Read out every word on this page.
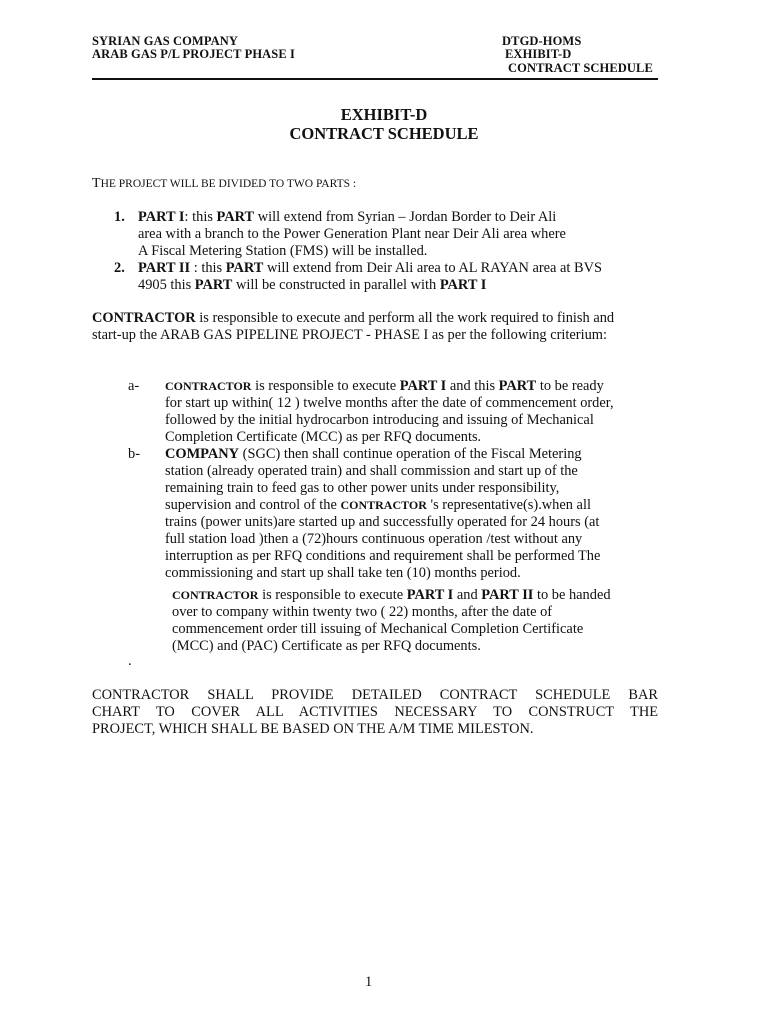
SYRIAN GAS COMPANY
ARAB GAS P/L PROJECT PHASE I
DTGD-HOMS
EXHIBIT-D
CONTRACT SCHEDULE
EXHIBIT-D
CONTRACT SCHEDULE
THE PROJECT WILL BE DIVIDED TO TWO PARTS :
1. PART I: this PART will extend from Syrian – Jordan Border to Deir Ali
area with a branch to the Power Generation Plant near Deir Ali area where
A Fiscal Metering Station (FMS) will be installed.
2. PART II : this PART will extend from Deir Ali area to AL RAYAN area at BVS
4905 this PART will be constructed in parallel with PART I
CONTRACTOR is responsible to execute and perform all the work required to finish and
start-up the ARAB GAS PIPELINE PROJECT - PHASE I as per the following criterium:
a- CONTRACTOR is responsible to execute PART I and this PART to be ready
for start up within( 12 ) twelve months after the date of commencement order,
followed by the initial hydrocarbon introducing and issuing of Mechanical
Completion Certificate (MCC) as per RFQ documents.
b- COMPANY (SGC) then shall continue operation of the Fiscal Metering
station (already operated train) and shall commission and start up of the
remaining train to feed gas to other power units under responsibility,
supervision and control of the CONTRACTOR 's representative(s).when all
trains (power units)are started up and successfully operated for 24 hours (at
full station load )then a (72)hours continuous operation /test without any
interruption as per RFQ conditions and requirement shall be performed The
commissioning and start up shall take ten (10) months period.
CONTRACTOR is responsible to execute PART I and PART II to be handed
over to company within twenty two ( 22) months, after the date of
commencement order till issuing of Mechanical Completion Certificate
(MCC) and (PAC) Certificate as per RFQ documents.
.
CONTRACTOR SHALL PROVIDE DETAILED CONTRACT SCHEDULE BAR
CHART TO COVER ALL ACTIVITIES NECESSARY TO CONSTRUCT THE
PROJECT, WHICH SHALL BE BASED ON THE A/M TIME MILESTON.
1
